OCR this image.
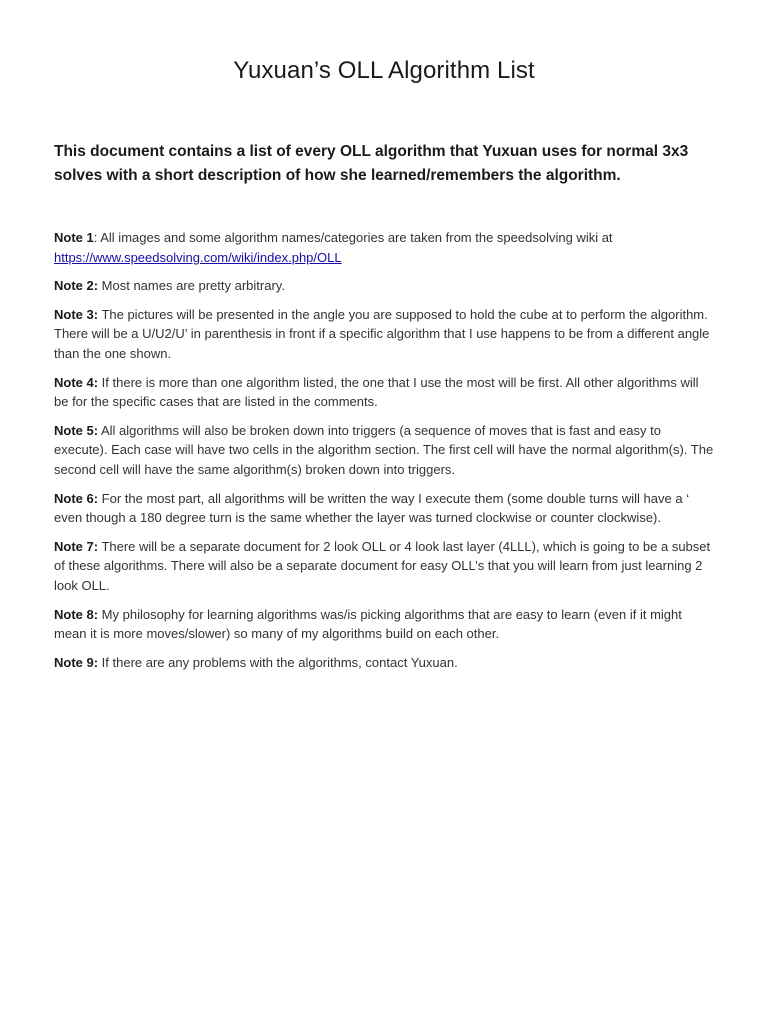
Yuxuan’s OLL Algorithm List

This document contains a list of every OLL algorithm that Yuxuan uses for normal 3x3 solves with a short description of how she learned/remembers the algorithm.

Note 1: All images and some algorithm names/categories are taken from the speedsolving wiki at https://www.speedsolving.com/wiki/index.php/OLL

Note 2: Most names are pretty arbitrary.

Note 3: The pictures will be presented in the angle you are supposed to hold the cube at to perform the algorithm. There will be a U/U2/U’ in parenthesis in front if a specific algorithm that I use happens to be from a different angle than the one shown.

Note 4: If there is more than one algorithm listed, the one that I use the most will be first. All other algorithms will be for the specific cases that are listed in the comments.

Note 5: All algorithms will also be broken down into triggers (a sequence of moves that is fast and easy to execute). Each case will have two cells in the algorithm section. The first cell will have the normal algorithm(s). The second cell will have the same algorithm(s) broken down into triggers.

Note 6: For the most part, all algorithms will be written the way I execute them (some double turns will have a ‘ even though a 180 degree turn is the same whether the layer was turned clockwise or counter clockwise).

Note 7: There will be a separate document for 2 look OLL or 4 look last layer (4LLL), which is going to be a subset of these algorithms. There will also be a separate document for easy OLL’s that you will learn from just learning 2 look OLL.

Note 8: My philosophy for learning algorithms was/is picking algorithms that are easy to learn (even if it might mean it is more moves/slower) so many of my algorithms build on each other.

Note 9: If there are any problems with the algorithms, contact Yuxuan.
